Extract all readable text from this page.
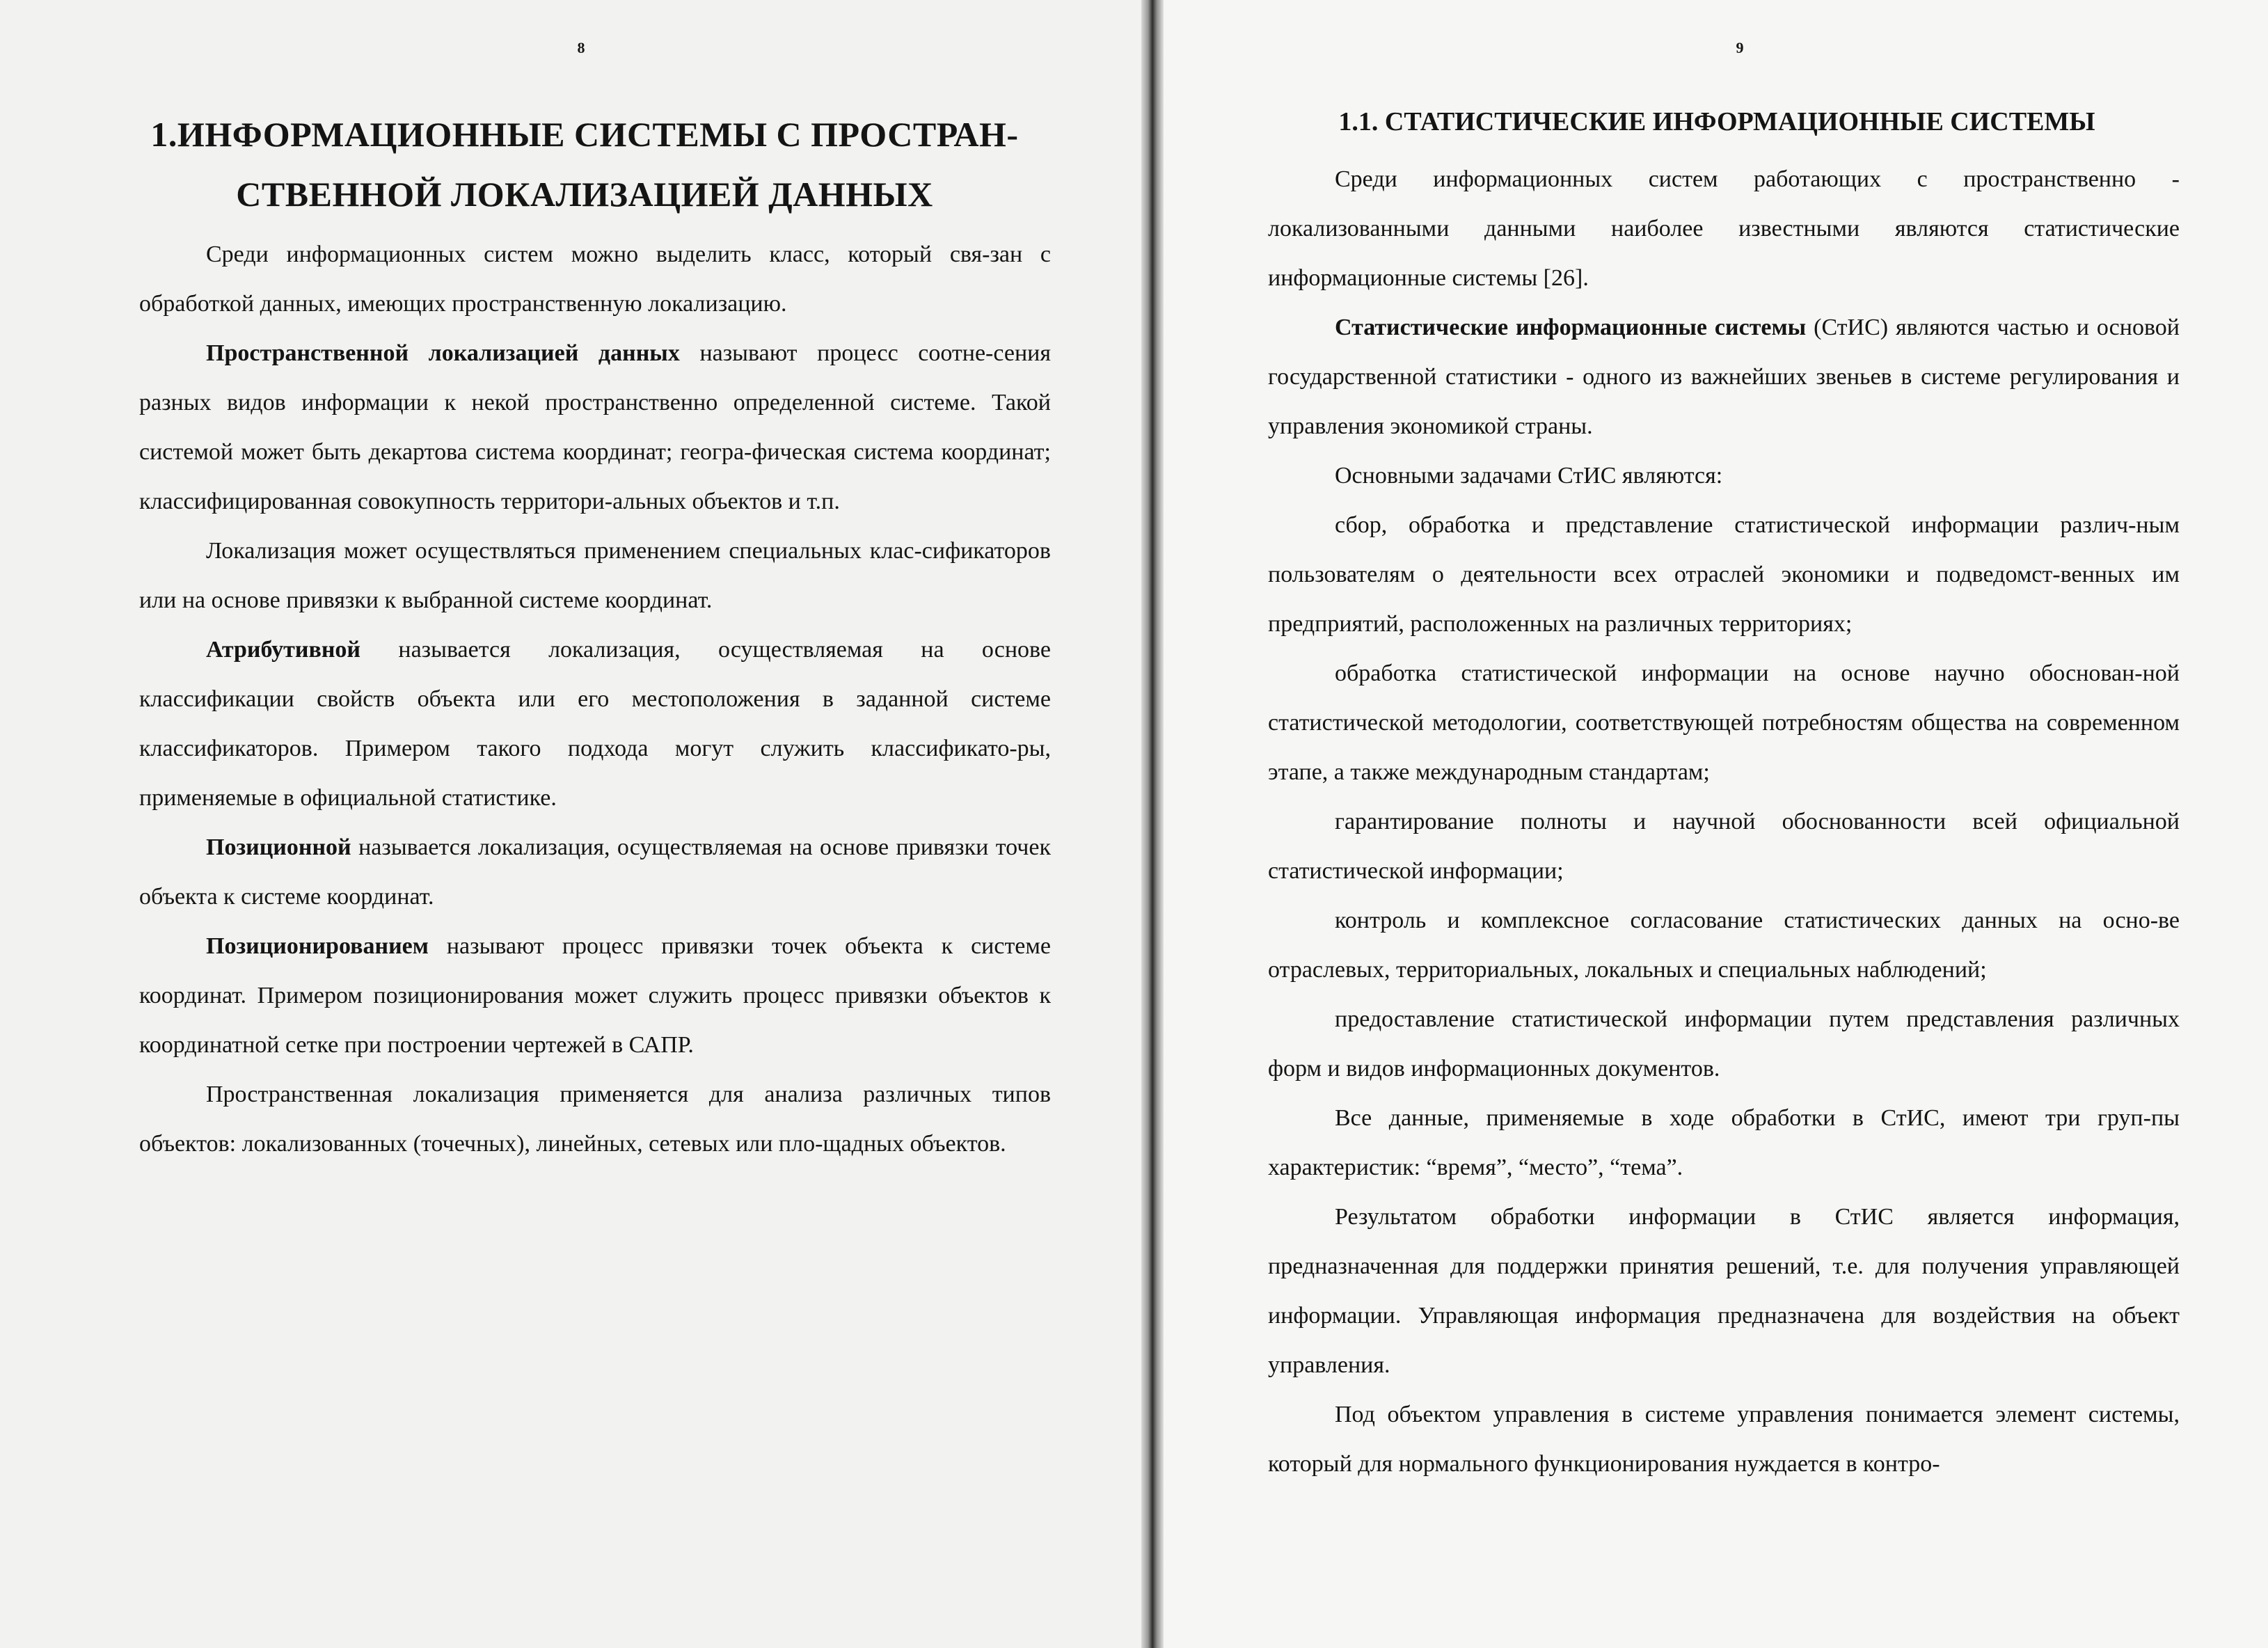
8
1.ИНФОРМАЦИОННЫЕ СИСТЕМЫ С ПРОСТРАН-
СТВЕННОЙ ЛОКАЛИЗАЦИЕЙ ДАННЫХ

Среди информационных систем можно выделить класс, который свя-зан с обработкой данных, имеющих пространственную локализацию.

Пространственной локализацией данных называют процесс соотне-сения разных видов информации к некой пространственно определенной системе. Такой системой может быть декартова система координат; геогра-фическая система координат; классифицированная совокупность территори-альных объектов и т.п.

Локализация может осуществляться применением специальных клас-сификаторов или на основе привязки к выбранной системе координат.

Атрибутивной называется локализация, осуществляемая на основе классификации свойств объекта или его местоположения в заданной системе классификаторов. Примером такого подхода могут служить классификато-ры, применяемые в официальной статистике.

Позиционной называется локализация, осуществляемая на основе привязки точек объекта к системе координат.

Позиционированием называют процесс привязки точек объекта к системе координат. Примером позиционирования может служить процесс привязки объектов к координатной сетке при построении чертежей в САПР.

Пространственная локализация применяется для анализа различных типов объектов: локализованных (точечных), линейных, сетевых или пло-щадных объектов.

9
1.1. СТАТИСТИЧЕСКИЕ ИНФОРМАЦИОННЫЕ СИСТЕМЫ

Среди информационных систем работающих с пространственно - локализованными данными наиболее известными являются статистические информационные системы [26].

Статистические информационные системы (СтИС) являются частью и основой государственной статистики - одного из важнейших звеньев в системе регулирования и управления экономикой страны.

Основными задачами СтИС являются:

сбор, обработка и представление статистической информации различ-ным пользователям о деятельности всех отраслей экономики и подведомст-венных им предприятий, расположенных на различных территориях;

обработка статистической информации на основе научно обоснован-ной статистической методологии, соответствующей потребностям общества на современном этапе, а также международным стандартам;

гарантирование полноты и научной обоснованности всей официальной статистической информации;

контроль и комплексное согласование статистических данных на осно-ве отраслевых, территориальных, локальных и специальных наблюдений;

предоставление статистической информации путем представления различных форм и видов информационных документов.

Все данные, применяемые в ходе обработки в СтИС, имеют три груп-пы характеристик: “время”, “место”, “тема”.

Результатом обработки информации в СтИС является информация, предназначенная для поддержки принятия решений, т.е. для получения управляющей информации. Управляющая информация предназначена для воздействия на объект управления.

Под объектом управления в системе управления понимается элемент системы, который для нормального функционирования нуждается в контро-
